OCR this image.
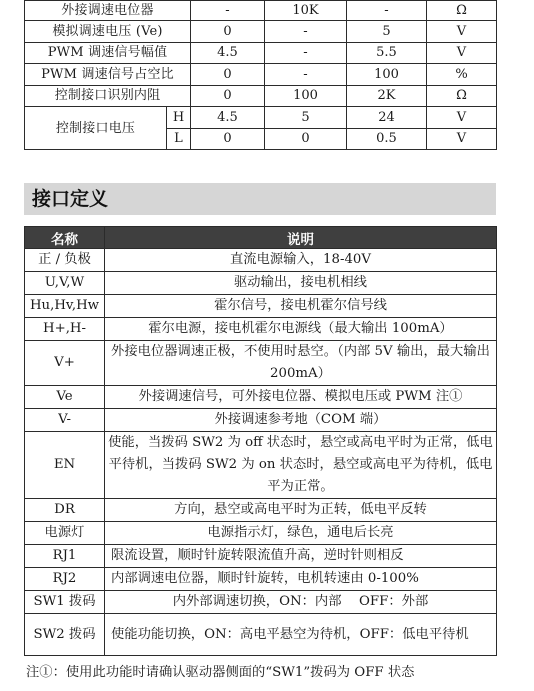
外接调速电位器		-	10K	-	Ω
模拟调速电压 (Ve)		0	-	5	V
PWM 调速信号幅值		4.5	-	5.5	V
PWM 调速信号占空比		0	-	100	%
控制接口识别内阻		0	100	2K	Ω
控制接口电压	H	4.5	5	24	V
	L	0	0	0.5	V
接口定义
名称	说明
正 / 负极	直流电源输入，18-40V
U,V,W	驱动输出，接电机相线
Hu,Hv,Hw	霍尔信号，接电机霍尔信号线
H+,H-	霍尔电源，接电机霍尔电源线（最大输出 100mA）
V+	外接电位器调速正极，不使用时悬空。（内部 5V 输出，最大输出 200mA）
Ve	外接调速信号，可外接电位器、模拟电压或 PWM 注①
V-	外接调速参考地（COM 端）
EN	使能，当拨码 SW2 为 off 状态时，悬空或高电平时为正常，低电平待机，当拨码 SW2 为 on 状态时，悬空或高电平为待机，低电平为正常。
DR	方向，悬空或高电平时为正转，低电平反转
电源灯	电源指示灯，绿色，通电后长亮
RJ1	限流设置，顺时针旋转限流值升高，逆时针则相反
RJ2	内部调速电位器，顺时针旋转，电机转速由 0-100%
SW1 拨码	内外部调速切换，ON：内部　 OFF：外部
SW2 拨码	使能功能切换，ON：高电平悬空为待机，OFF：低电平待机
注①：使用此功能时请确认驱动器侧面的“SW1”拨码为 OFF 状态
